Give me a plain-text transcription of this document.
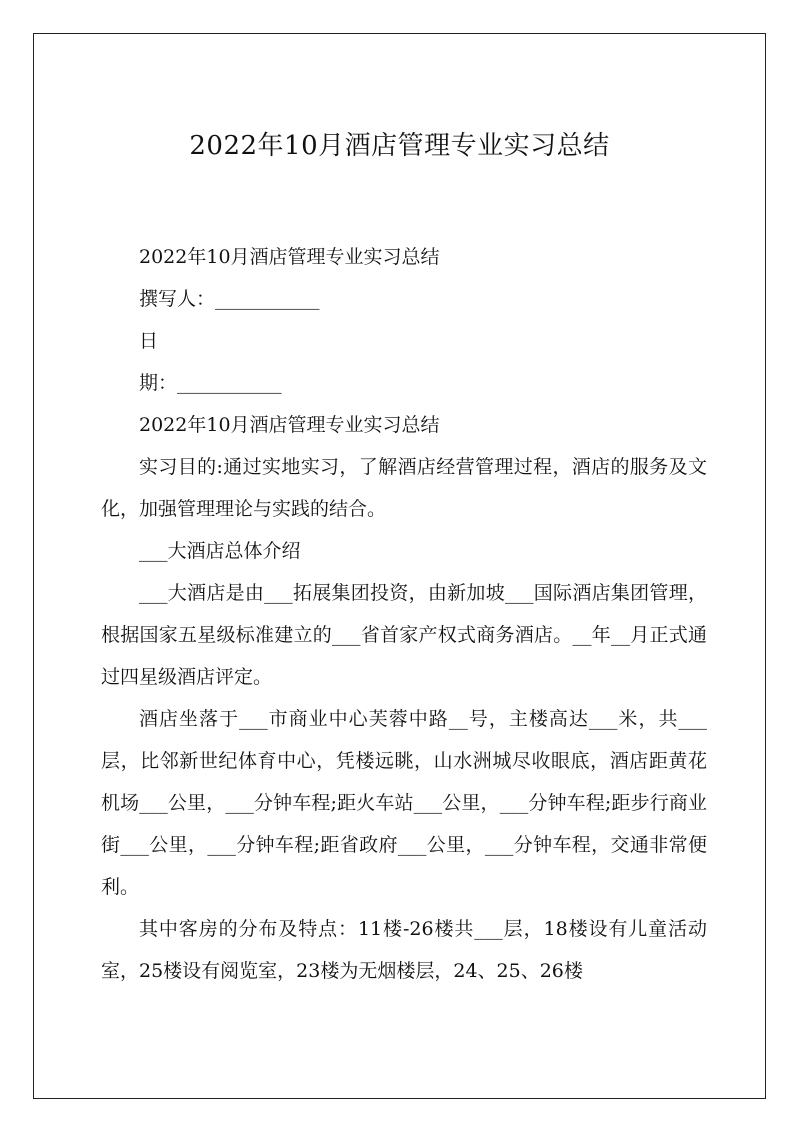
2022年10月酒店管理专业实习总结

2022年10月酒店管理专业实习总结

撰写人：___________

日

期：___________

2022年10月酒店管理专业实习总结

实习目的:通过实地实习，了解酒店经营管理过程，酒店的服务及文化，加强管理理论与实践的结合。

___大酒店总体介绍

___大酒店是由___拓展集团投资，由新加坡___国际酒店集团管理，根据国家五星级标准建立的___省首家产权式商务酒店。__年__月正式通过四星级酒店评定。

酒店坐落于___市商业中心芙蓉中路__号，主楼高达___米，共___层，比邻新世纪体育中心，凭楼远眺，山水洲城尽收眼底，酒店距黄花机场___公里，___分钟车程;距火车站___公里，___分钟车程;距步行商业街___公里，___分钟车程;距省政府___公里，___分钟车程，交通非常便利。

其中客房的分布及特点：11楼-26楼共___层，18楼设有儿童活动室，25楼设有阅览室，23楼为无烟楼层，24、25、26楼
